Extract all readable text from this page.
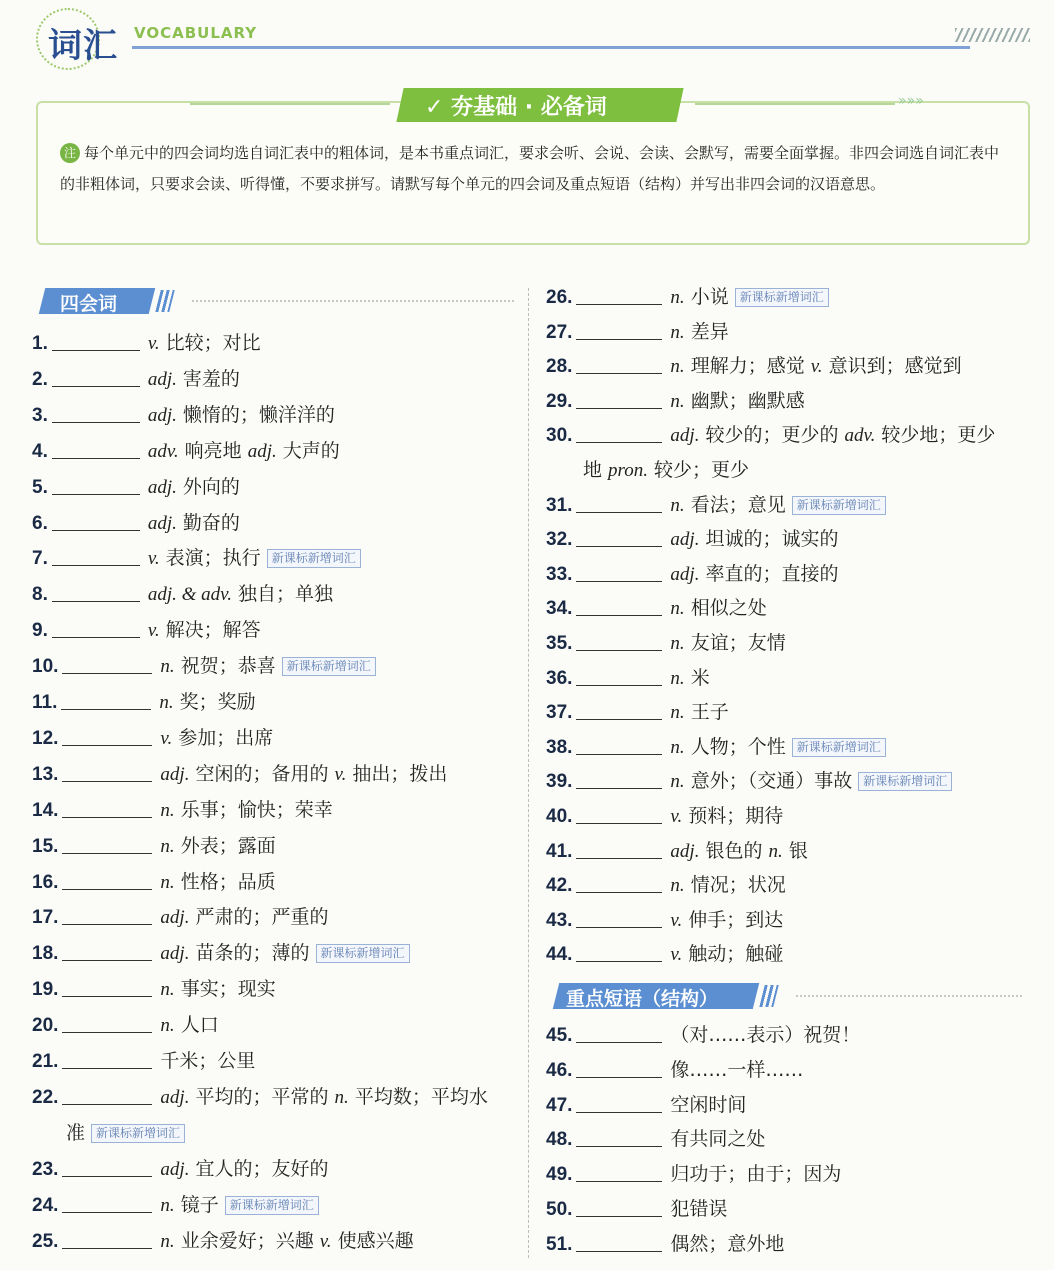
词汇 VOCABULARY
»»»
✓ 夯基础 · 必备词
注 每个单元中的四会词均选自词汇表中的粗体词，是本书重点词汇，要求会听、会说、会读、会默写，需要全面掌握。非四会词选自词汇表中的非粗体词，只要求会读、听得懂，不要求拼写。请默写每个单元的四会词及重点短语（结构）并写出非四会词的汉语意思。
四会词
重点短语（结构）
1.	v. 比较；对比
2.	adj. 害羞的
3.	adj. 懒惰的；懒洋洋的
4.	adv. 响亮地 adj. 大声的
5.	adj. 外向的
6.	adj. 勤奋的
7.	v. 表演；执行 新课标新增词汇
8.	adj. & adv. 独自；单独
9.	v. 解决；解答
10.	n. 祝贺；恭喜 新课标新增词汇
11.	n. 奖；奖励
12.	v. 参加；出席
13.	adj. 空闲的；备用的 v. 抽出；拨出
14.	n. 乐事；愉快；荣幸
15.	n. 外表；露面
16.	n. 性格；品质
17.	adj. 严肃的；严重的
18.	adj. 苗条的；薄的 新课标新增词汇
19.	n. 事实；现实
20.	n. 人口
21.	千米；公里
22.	adj. 平均的；平常的 n. 平均数；平均水
准 新课标新增词汇
23.	adj. 宜人的；友好的
24.	n. 镜子 新课标新增词汇
25.	n. 业余爱好；兴趣 v. 使感兴趣
26.	n. 小说 新课标新增词汇
27.	n. 差异
28.	n. 理解力；感觉 v. 意识到；感觉到
29.	n. 幽默；幽默感
30.	adj. 较少的；更少的 adv. 较少地；更少
地 pron. 较少；更少
31.	n. 看法；意见 新课标新增词汇
32.	adj. 坦诚的；诚实的
33.	adj. 率直的；直接的
34.	n. 相似之处
35.	n. 友谊；友情
36.	n. 米
37.	n. 王子
38.	n. 人物；个性 新课标新增词汇
39.	n. 意外；（交通）事故 新课标新增词汇
40.	v. 预料；期待
41.	adj. 银色的 n. 银
42.	n. 情况；状况
43.	v. 伸手；到达
44.	v. 触动；触碰
45.	（对……表示）祝贺！
46.	像……一样……
47.	空闲时间
48.	有共同之处
49.	归功于；由于；因为
50.	犯错误
51.	偶然；意外地
